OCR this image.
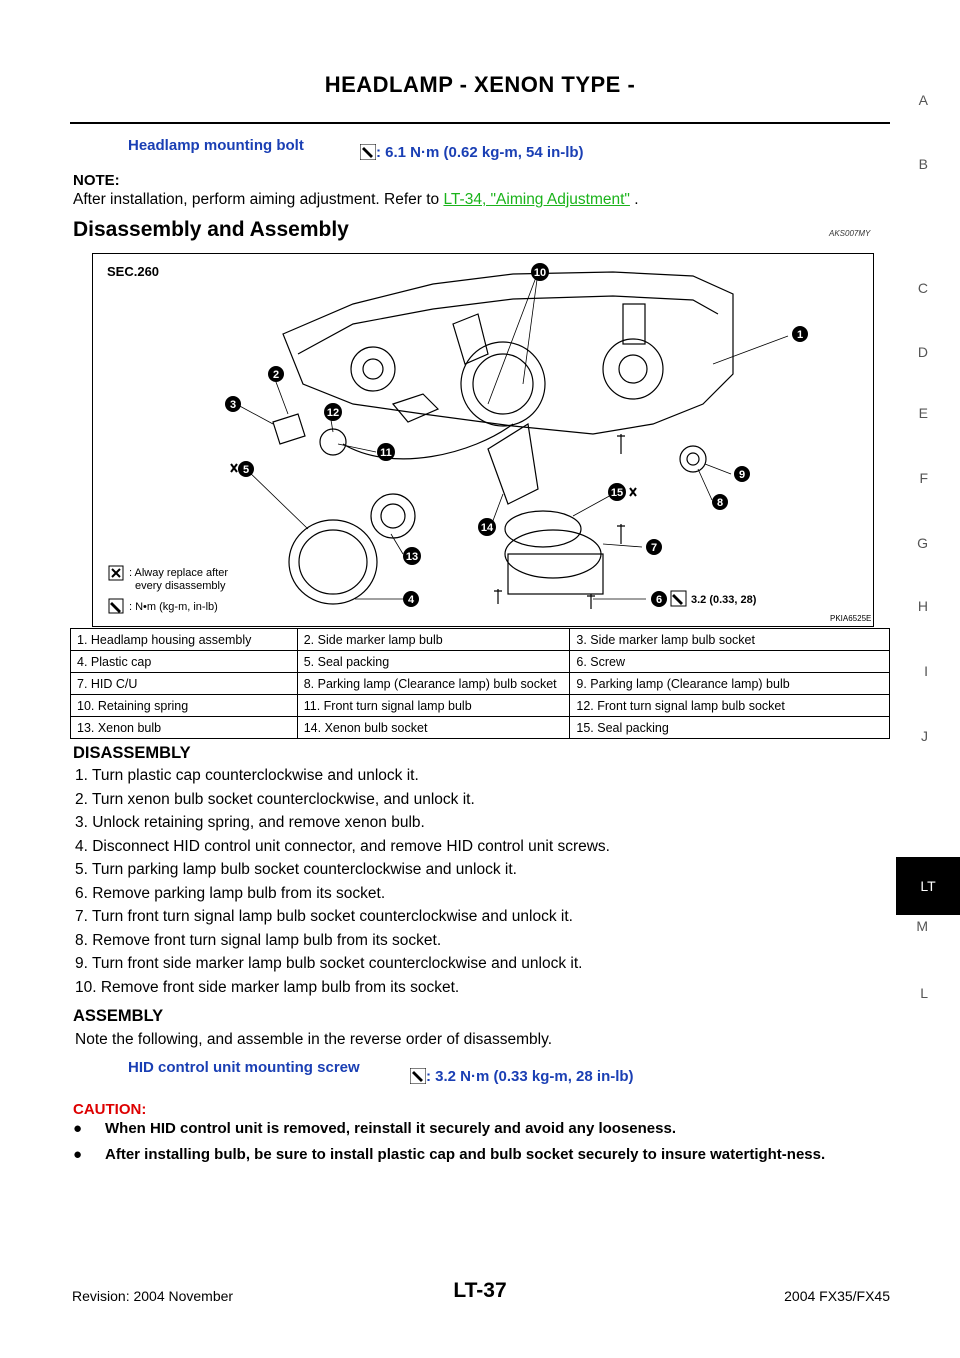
HEADLAMP - XENON TYPE -
A
B
C
D
E
F
G
H
I
J
LT
L
M
Headlamp mounting bolt	: 6.1 N·m (0.62 kg-m, 54 in-lb)
NOTE:
After installation, perform aiming adjustment. Refer to LT-34, "Aiming Adjustment" .
Disassembly and Assembly	AKS007MY
SEC.260
1
2
3
4
5
6
7
8
9
10
11
12
13
14
15
3.2 (0.33, 28)
: Alway replace after
every disassembly
: N•m (kg-m, in-lb)
PKIA6525E
1. Headlamp housing assembly	2. Side marker lamp bulb	3. Side marker lamp bulb socket
4. Plastic cap	5. Seal packing	6. Screw
7. HID C/U	8. Parking lamp (Clearance lamp) bulb socket	9. Parking lamp (Clearance lamp) bulb
10. Retaining spring	11. Front turn signal lamp bulb	12. Front turn signal lamp bulb socket
13. Xenon bulb	14. Xenon bulb socket	15. Seal packing
DISASSEMBLY
1. Turn plastic cap counterclockwise and unlock it.
2. Turn xenon bulb socket counterclockwise, and unlock it.
3. Unlock retaining spring, and remove xenon bulb.
4. Disconnect HID control unit connector, and remove HID control unit screws.
5. Turn parking lamp bulb socket counterclockwise and unlock it.
6. Remove parking lamp bulb from its socket.
7. Turn front turn signal lamp bulb socket counterclockwise and unlock it.
8. Remove front turn signal lamp bulb from its socket.
9. Turn front side marker lamp bulb socket counterclockwise and unlock it.
10. Remove front side marker lamp bulb from its socket.
ASSEMBLY
Note the following, and assemble in the reverse order of disassembly.
HID control unit mounting screw
: 3.2 N·m (0.33 kg-m, 28 in-lb)
CAUTION:
● When HID control unit is removed, reinstall it securely and avoid any looseness.
● After installing bulb, be sure to install plastic cap and bulb socket securely to insure watertight-ness.
Revision: 2004 November	LT-37	2004 FX35/FX45
